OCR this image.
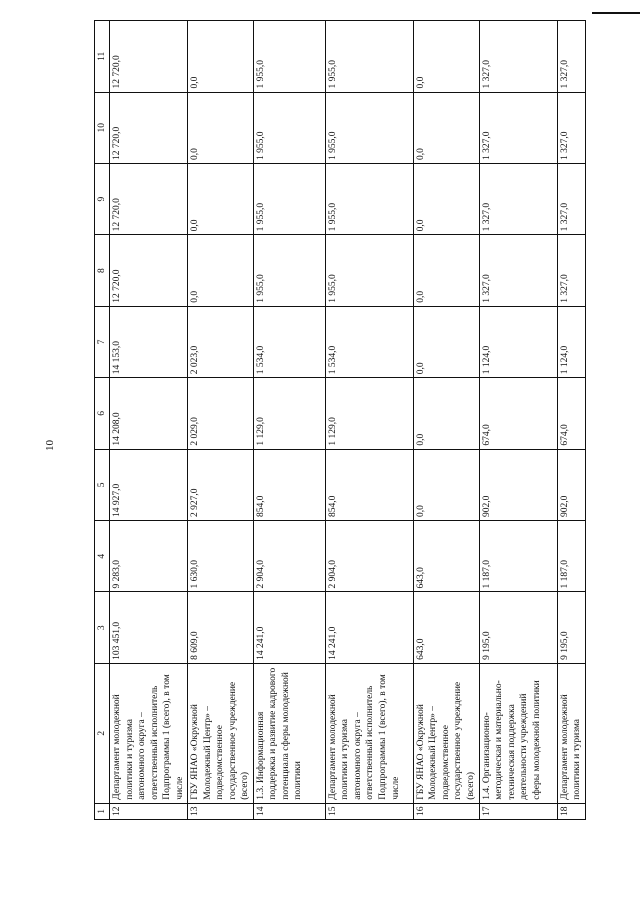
10
1	2	3	4	5	6	7	8	9	10	11
12	Департамент молодежной политики и туризма автономного округа – ответственный исполнитель Подпрограммы 1 (всего), в том числе	103 451,0	9 283,0	14 927,0	14 208,0	14 153,0	12 720,0	12 720,0	12 720,0	12 720,0
13	ГБУ ЯНАО «Окружной Молодежный Центр» – подведомственное государственное учреждение (всего)	8 609,0	1 630,0	2 927,0	2 029,0	2 023,0	0,0	0,0	0,0	0,0
14	1.3. Информационная поддержка и развитие кадрового потенциала сферы молодежной политики	14 241,0	2 904,0	854,0	1 129,0	1 534,0	1 955,0	1 955,0	1 955,0	1 955,0
15	Департамент молодежной политики и туризма автономного округа – ответственный исполнитель Подпрограммы 1 (всего), в том числе	14 241,0	2 904,0	854,0	1 129,0	1 534,0	1 955,0	1 955,0	1 955,0	1 955,0
16	ГБУ ЯНАО «Окружной Молодежный Центр» – подведомственное государственное учреждение (всего)	643,0	643,0	0,0	0,0	0,0	0,0	0,0	0,0	0,0
17	1.4. Организационно-методическая и материально-техническая поддержка деятельности учреждений сферы молодежной политики	9 195,0	1 187,0	902,0	674,0	1 124,0	1 327,0	1 327,0	1 327,0	1 327,0
18	Департамент молодежной политики и туризма	9 195,0	1 187,0	902,0	674,0	1 124,0	1 327,0	1 327,0	1 327,0	1 327,0
